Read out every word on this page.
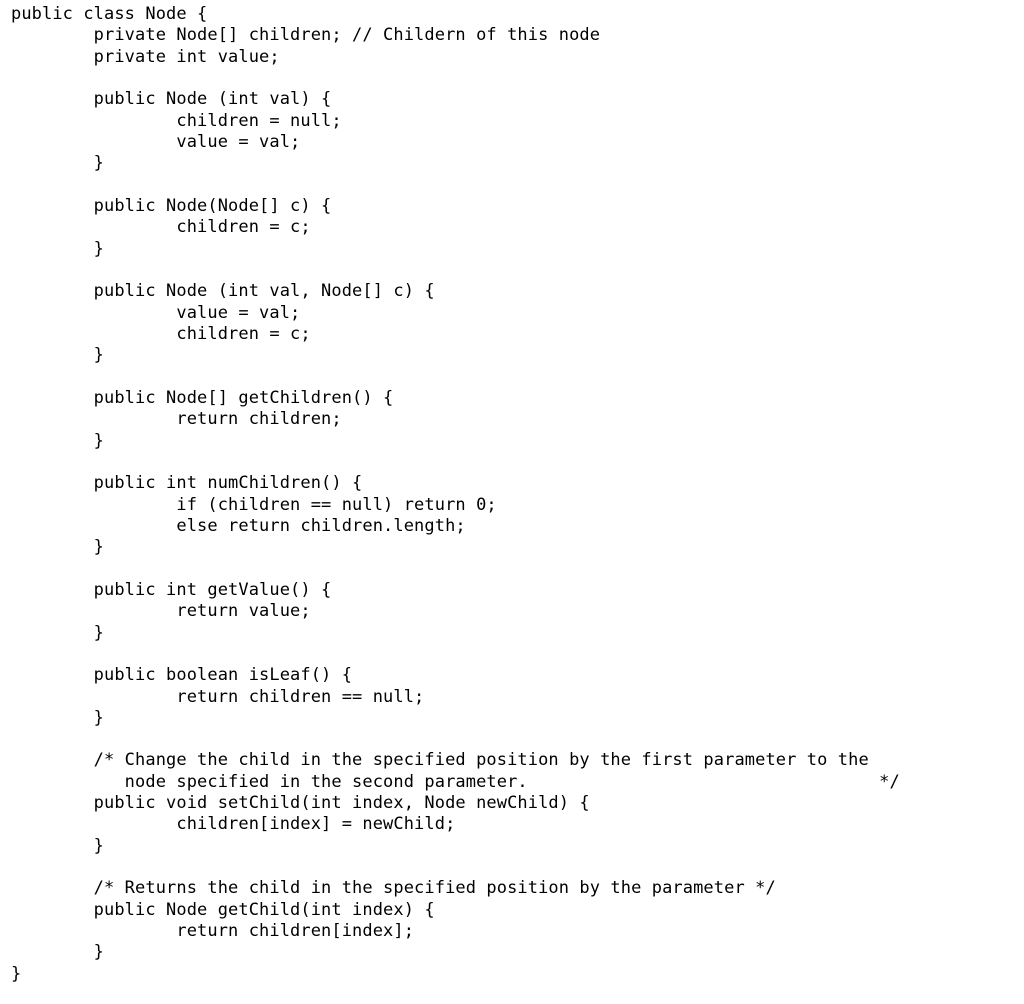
public class Node {
private Node[] children; // Childern of this node
private int value;
public Node (int val) {
children = null;
value = val;
}
public Node(Node[] c) {
children = c;
}
public Node (int val, Node[] c) {
value = val;
children = c;
}
public Node[] getChildren() {
return children;
}
public int numChildren() {
if (children == null) return 0;
else return children.length;
}
public int getValue() {
return value;
}
public boolean isLeaf() {
return children == null;
}
/* Change the child in the specified position by the first parameter to the
node specified in the second parameter.                                  */
public void setChild(int index, Node newChild) {
children[index] = newChild;
}
/* Returns the child in the specified position by the parameter */
public Node getChild(int index) {
return children[index];
}
}
